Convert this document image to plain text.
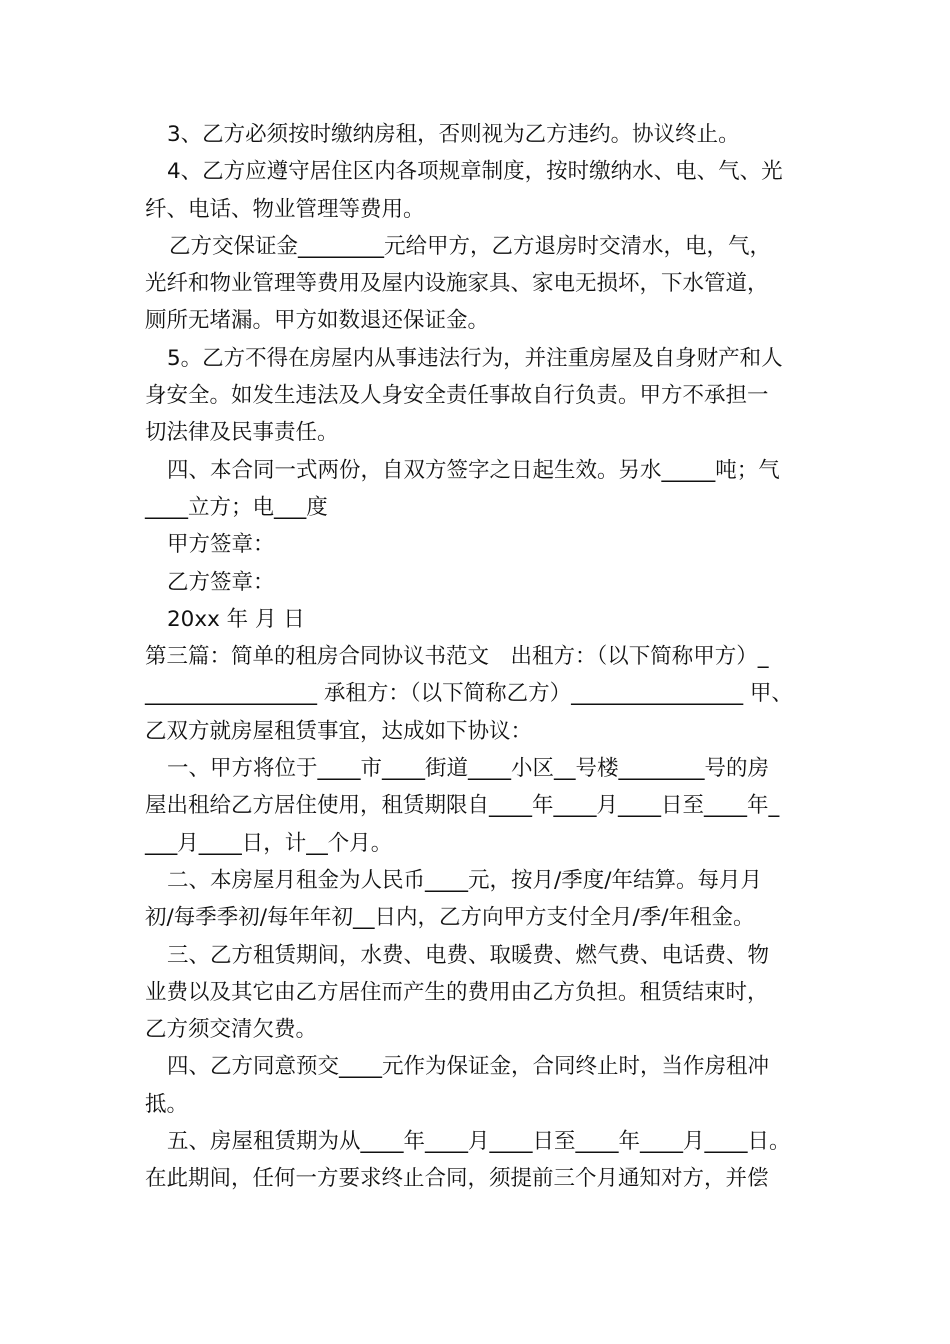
3、乙方必须按时缴纳房租，否则视为乙方违约。协议终止。

4、乙方应遵守居住区内各项规章制度，按时缴纳水、电、气、光

纤、电话、物业管理等费用。

乙方交保证金________元给甲方，乙方退房时交清水，电，气，

光纤和物业管理等费用及屋内设施家具、家电无损坏，下水管道，

厕所无堵漏。甲方如数退还保证金。

5。乙方不得在房屋内从事违法行为，并注重房屋及自身财产和人

身安全。如发生违法及人身安全责任事故自行负责。甲方不承担一

切法律及民事责任。

四、本合同一式两份，自双方签字之日起生效。另水_____吨；气

____立方；电___度

甲方签章：

乙方签章：

20xx 年 月 日

第三篇：简单的租房合同协议书范文　出租方：（以下简称甲方）_

________________ 承租方：（以下简称乙方）________________ 甲、

乙双方就房屋租赁事宜，达成如下协议：

一、甲方将位于____市____街道____小区__号楼________号的房

屋出租给乙方居住使用，租赁期限自____年____月____日至____年_

___月____日，计__个月。

二、本房屋月租金为人民币____元，按月/季度/年结算。每月月

初/每季季初/每年年初__日内，乙方向甲方支付全月/季/年租金。

三、乙方租赁期间，水费、电费、取暖费、燃气费、电话费、物

业费以及其它由乙方居住而产生的费用由乙方负担。租赁结束时，

乙方须交清欠费。

四、乙方同意预交____元作为保证金，合同终止时，当作房租冲

抵。

五、房屋租赁期为从____年____月____日至____年____月____日。

在此期间，任何一方要求终止合同，须提前三个月通知对方，并偿
